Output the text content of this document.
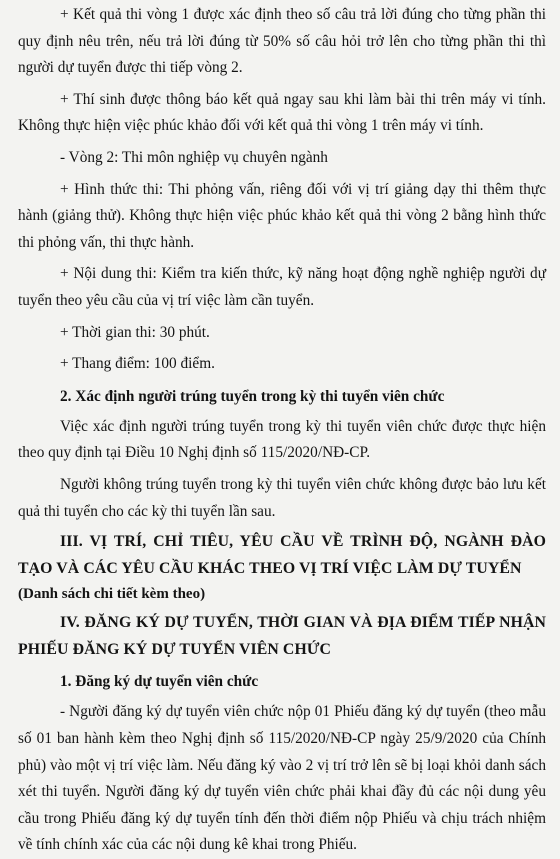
+ Kết quả thi vòng 1 được xác định theo số câu trả lời đúng cho từng phần thi quy định nêu trên, nếu trả lời đúng từ 50% số câu hỏi trở lên cho từng phần thi thì người dự tuyển được thi tiếp vòng 2.

+ Thí sinh được thông báo kết quả ngay sau khi làm bài thi trên máy vi tính. Không thực hiện việc phúc khảo đối với kết quả thi vòng 1 trên máy vi tính.

- Vòng 2: Thi môn nghiệp vụ chuyên ngành

+ Hình thức thi: Thi phỏng vấn, riêng đối với vị trí giảng dạy thi thêm thực hành (giảng thử). Không thực hiện việc phúc khảo kết quả thi vòng 2 bằng hình thức thi phỏng vấn, thi thực hành.

+ Nội dung thi: Kiểm tra kiến thức, kỹ năng hoạt động nghề nghiệp người dự tuyển theo yêu cầu của vị trí việc làm cần tuyển.

+ Thời gian thi: 30 phút.

+ Thang điểm: 100 điểm.

2. Xác định người trúng tuyển trong kỳ thi tuyển viên chức

Việc xác định người trúng tuyển trong kỳ thi tuyển viên chức được thực hiện theo quy định tại Điều 10 Nghị định số 115/2020/NĐ-CP.

Người không trúng tuyển trong kỳ thi tuyển viên chức không được bảo lưu kết quả thi tuyển cho các kỳ thi tuyển lần sau.

III. VỊ TRÍ, CHỈ TIÊU, YÊU CẦU VỀ TRÌNH ĐỘ, NGÀNH ĐÀO TẠO VÀ CÁC YÊU CẦU KHÁC THEO VỊ TRÍ VIỆC LÀM DỰ TUYỂN

(Danh sách chi tiết kèm theo)

IV. ĐĂNG KÝ DỰ TUYỂN, THỜI GIAN VÀ ĐỊA ĐIỂM TIẾP NHẬN PHIẾU ĐĂNG KÝ DỰ TUYỂN VIÊN CHỨC

1. Đăng ký dự tuyển viên chức

- Người đăng ký dự tuyển viên chức nộp 01 Phiếu đăng ký dự tuyển (theo mẫu số 01 ban hành kèm theo Nghị định số 115/2020/NĐ-CP ngày 25/9/2020 của Chính phủ) vào một vị trí việc làm. Nếu đăng ký vào 2 vị trí trở lên sẽ bị loại khỏi danh sách xét thi tuyển. Người đăng ký dự tuyển viên chức phải khai đầy đủ các nội dung yêu cầu trong Phiếu đăng ký dự tuyển tính đến thời điểm nộp Phiếu và chịu trách nhiệm về tính chính xác của các nội dung kê khai trong Phiếu.
